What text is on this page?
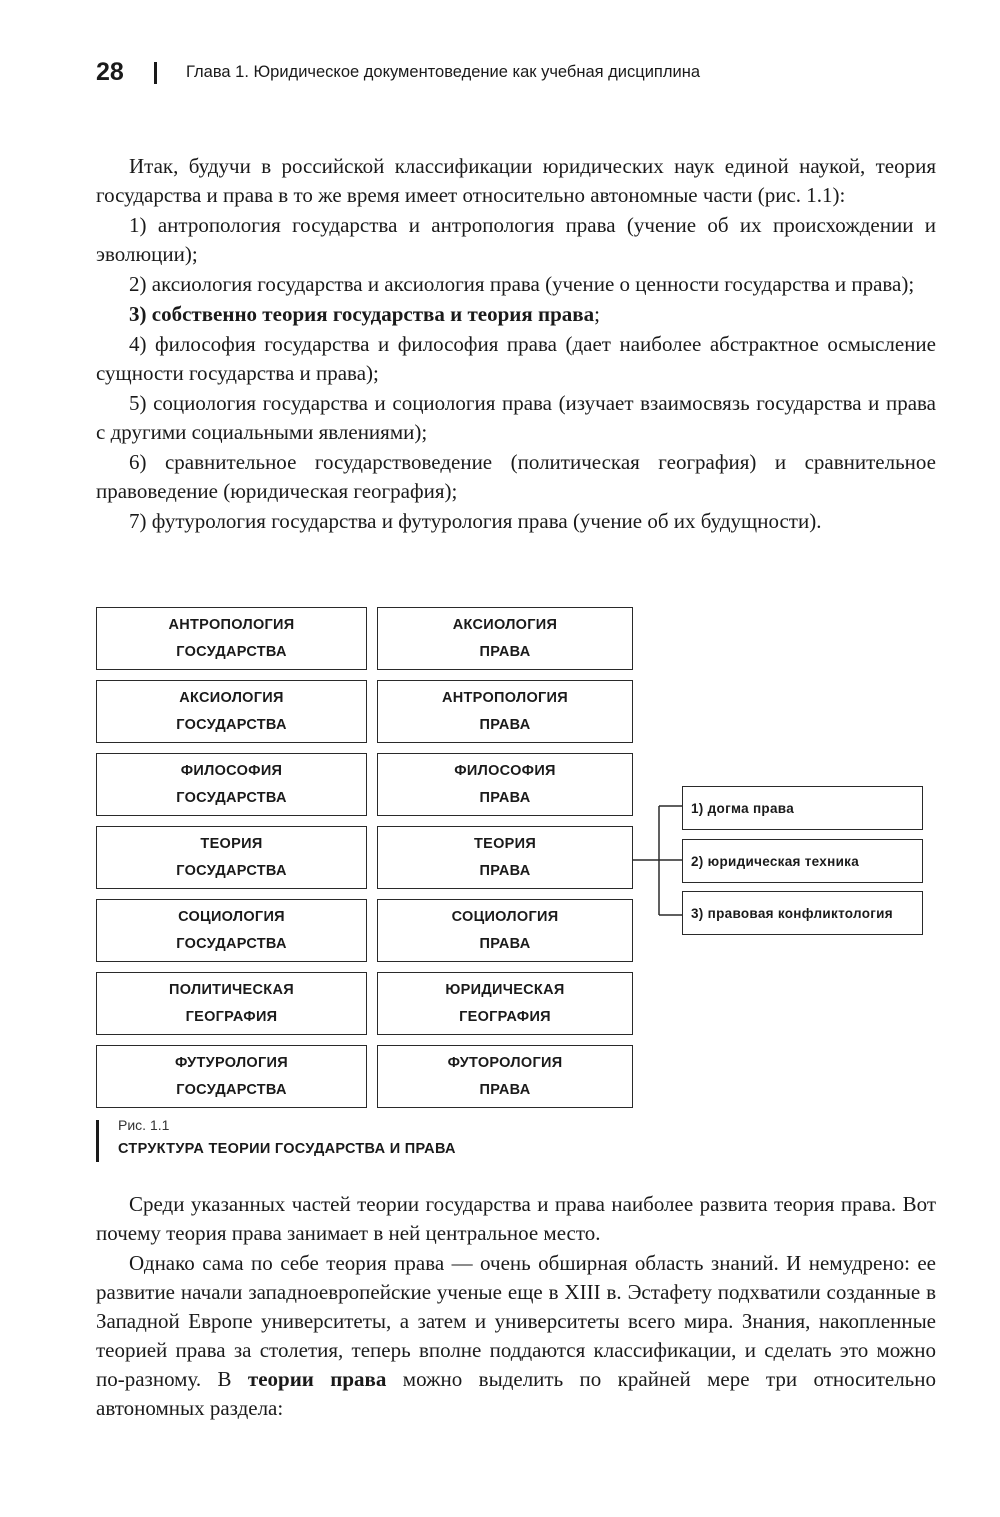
28	Глава 1. Юридическое документоведение как учебная дисциплина

Итак, будучи в российской классификации юридических наук единой наукой, теория государства и права в то же время имеет относительно автономные части (рис. 1.1):

1) антропология государства и антропология права (учение об их происхождении и эволюции);

2) аксиология государства и аксиология права (учение о ценности государства и права);

3) собственно теория государства и теория права;

4) философия государства и философия права (дает наиболее абстрактное осмысление сущности государства и права);

5) социология государства и социология права (изучает взаимосвязь государства и права с другими социальными явлениями);

6) сравнительное государствоведение (политическая география) и сравнительное правоведение (юридическая география);

7) футурология государства и футурология права (учение об их будущности).

АНТРОПОЛОГИЯ
ГОСУДАРСТВА
АКСИОЛОГИЯ
ГОСУДАРСТВА
ФИЛОСОФИЯ
ГОСУДАРСТВА
ТЕОРИЯ
ГОСУДАРСТВА
СОЦИОЛОГИЯ
ГОСУДАРСТВА
ПОЛИТИЧЕСКАЯ
ГЕОГРАФИЯ
ФУТУРОЛОГИЯ
ГОСУДАРСТВА
АКСИОЛОГИЯ
ПРАВА
АНТРОПОЛОГИЯ
ПРАВА
ФИЛОСОФИЯ
ПРАВА
ТЕОРИЯ
ПРАВА
СОЦИОЛОГИЯ
ПРАВА
ЮРИДИЧЕСКАЯ
ГЕОГРАФИЯ
ФУТОРОЛОГИЯ
ПРАВА
1) догма права
2) юридическая техника
3) правовая конфликтология
Рис. 1.1
СТРУКТУРА ТЕОРИИ ГОСУДАРСТВА И ПРАВА

Среди указанных частей теории государства и права наиболее развита теория права. Вот почему теория права занимает в ней центральное место.

Однако сама по себе теория права — очень обширная область знаний. И немудрено: ее развитие начали западноевропейские ученые еще в XIII в. Эстафету подхватили созданные в Западной Европе университеты, а затем и университеты всего мира. Знания, накопленные теорией права за столетия, теперь вполне поддаются классификации, и сделать это можно по-разному. В теории права можно выделить по крайней мере три относительно автономных раздела:
